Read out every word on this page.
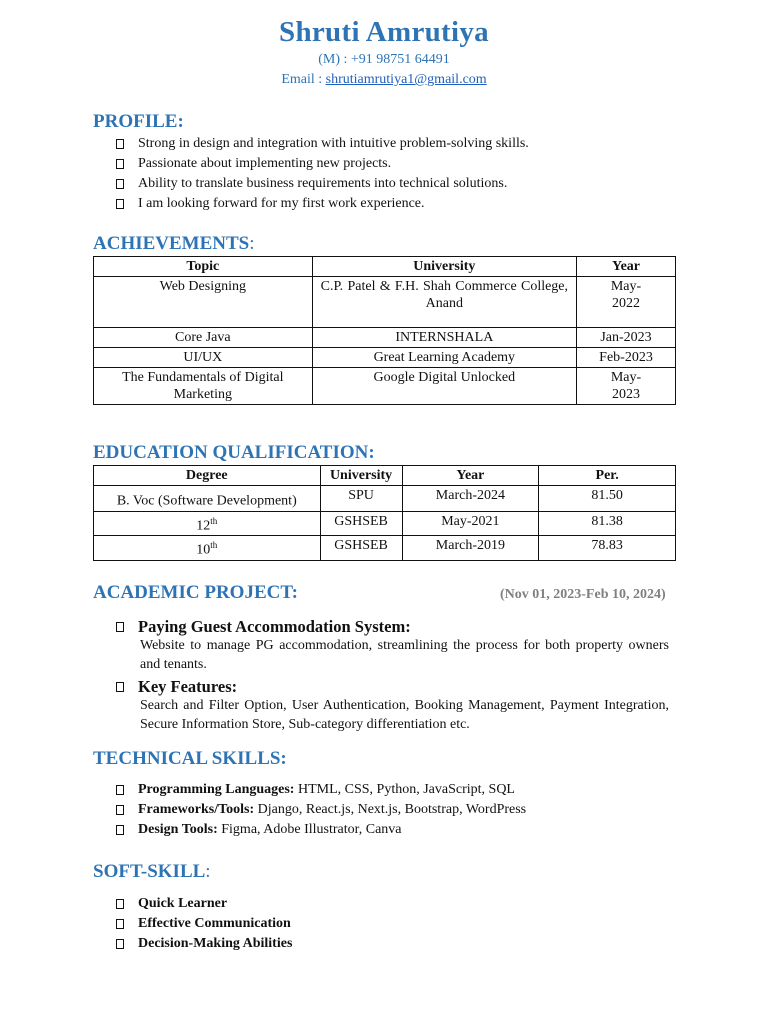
Shruti Amrutiya
(M) : +91 98751 64491
Email : shrutiamrutiya1@gmail.com
PROFILE:
Strong in design and integration with intuitive problem-solving skills.
Passionate about implementing new projects.
Ability to translate business requirements into technical solutions.
I am looking forward for my first work experience.
ACHIEVEMENTS:
Topic	University	Year
Web Designing	C.P. Patel & F.H. Shah Commerce College, Anand	May-2022
Core Java	INTERNSHALA	Jan-2023
UI/UX	Great Learning Academy	Feb-2023
The Fundamentals of Digital Marketing	Google Digital Unlocked	May-2023
EDUCATION QUALIFICATION:
Degree	University	Year	Per.
B. Voc (Software Development)	SPU	March-2024	81.50
12th	GSHSEB	May-2021	81.38
10th	GSHSEB	March-2019	78.83
ACADEMIC PROJECT:	(Nov 01, 2023-Feb 10, 2024)
Paying Guest Accommodation System:
Website to manage PG accommodation, streamlining the process for both property owners and tenants.
Key Features:
Search and Filter Option, User Authentication, Booking Management, Payment Integration, Secure Information Store, Sub-category differentiation etc.
TECHNICAL SKILLS:
Programming Languages: HTML, CSS, Python, JavaScript, SQL
Frameworks/Tools: Django, React.js, Next.js, Bootstrap, WordPress
Design Tools: Figma, Adobe Illustrator, Canva
SOFT-SKILL:
Quick Learner
Effective Communication
Decision-Making Abilities
